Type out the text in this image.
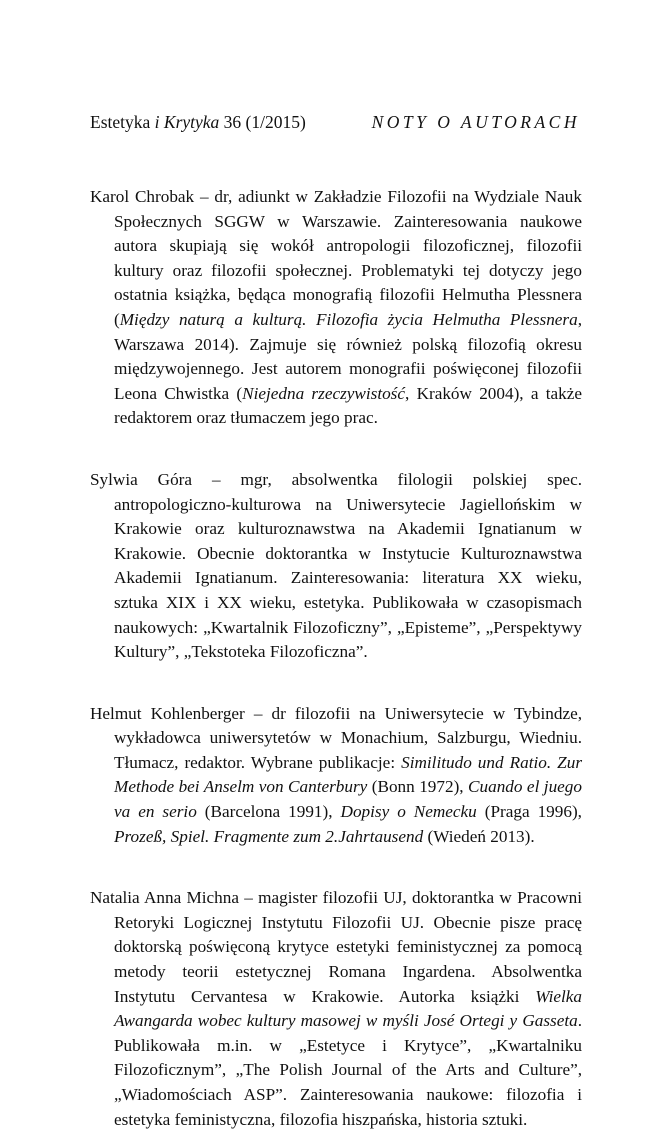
Estetyka i Krytyka 36 (1/2015)	NOTY O AUTORACH

Karol Chrobak – dr, adiunkt w Zakładzie Filozofii na Wydziale Nauk Społecznych SGGW w Warszawie. Zainteresowania naukowe autora skupiają się wokół antropologii filozoficznej, filozofii kultury oraz filozofii społecznej. Problematyki tej dotyczy jego ostatnia książka, będąca monografią filozofii Helmutha Plessnera (Między naturą a kulturą. Filozofia życia Helmutha Plessnera, Warszawa 2014). Zajmuje się również polską filozofią okresu międzywojennego. Jest autorem monografii poświęconej filozofii Leona Chwistka (Niejedna rzeczywistość, Kraków 2004), a także redaktorem oraz tłumaczem jego prac.

Sylwia Góra – mgr, absolwentka filologii polskiej spec. antropologiczno-kulturowa na Uniwersytecie Jagiellońskim w Krakowie oraz kulturoznawstwa na Akademii Ignatianum w Krakowie. Obecnie doktorantka w Instytucie Kulturoznawstwa Akademii Ignatianum. Zainteresowania: literatura XX wieku, sztuka XIX i XX wieku, estetyka. Publikowała w czasopismach naukowych: „Kwartalnik Filozoficzny”, „Episteme”, „Perspektywy Kultury”, „Tekstoteka Filozoficzna”.

Helmut Kohlenberger – dr filozofii na Uniwersytecie w Tybindze, wykładowca uniwersytetów w Monachium, Salzburgu, Wiedniu. Tłumacz, redaktor. Wybrane publikacje: Similitudo und Ratio. Zur Methode bei Anselm von Canterbury (Bonn 1972), Cuando el juego va en serio (Barcelona 1991), Dopisy o Nemecku (Praga 1996), Prozeß, Spiel. Fragmente zum 2.Jahrtausend (Wiedeń 2013).

Natalia Anna Michna – magister filozofii UJ, doktorantka w Pracowni Retoryki Logicznej Instytutu Filozofii UJ. Obecnie pisze pracę doktorską poświęconą krytyce estetyki feministycznej za pomocą metody teorii estetycznej Romana Ingardena. Absolwentka Instytutu Cervantesa w Krakowie. Autorka książki Wielka Awangarda wobec kultury masowej w myśli José Ortegi y Gasseta. Publikowała m.in. w „Estetyce i Krytyce”, „Kwartalniku Filozoficznym”, „The Polish Journal of the Arts and Culture”, „Wiadomościach ASP”. Zainteresowania naukowe: filozofia i estetyka feministyczna, filozofia hiszpańska, historia sztuki.
